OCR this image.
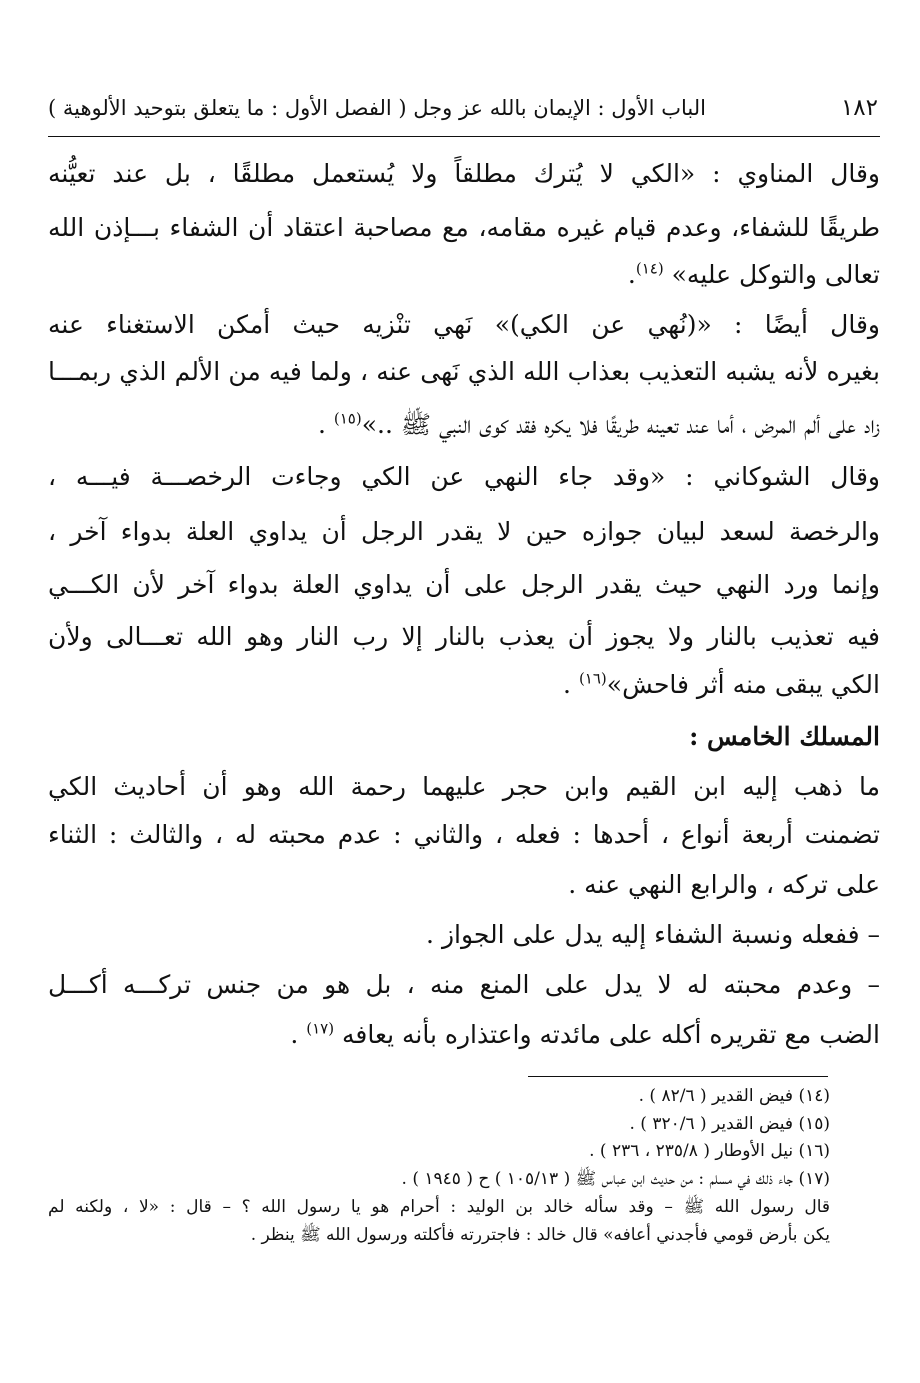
١٨٢
الباب الأول : الإيمان بالله عز وجل ( الفصل الأول : ما يتعلق بتوحيد الألوهية )
وقال المناوي : «الكي لا يُترك مطلقاً ولا يُستعمل مطلقًا ، بل عند تعيُّنه
طريقًا للشفاء، وعدم قيام غيره مقامه، مع مصاحبة اعتقاد أن الشفاء بـــإذن الله
تعالى والتوكل عليه» $^{(١٤)}$.
وقال أيضًا : «(نُهي عن الكي)» نَهي تنْزيه حيث أمكن الاستغناء عنه
بغيره لأنه يشبه التعذيب بعذاب الله الذي نَهى عنه ، ولما فيه من الألم الذي ربمـــا
زاد على ألم المرض ، أما عند تعينه طريقًا فلا يكره فقد كوى النبي ﷺ ..»$^{(١٥)}$ .
وقال الشوكاني : «وقد جاء النهي عن الكي وجاءت الرخصـــة فيـــه ،
والرخصة لسعد لبيان جوازه حين لا يقدر الرجل أن يداوي العلة بدواء آخر ،
وإنما ورد النهي حيث يقدر الرجل على أن يداوي العلة بدواء آخر لأن الكـــي
فيه تعذيب بالنار ولا يجوز أن يعذب بالنار إلا رب النار وهو الله تعـــالى ولأن
الكي يبقى منه أثر فاحش»$^{(١٦)}$ .
المسلك الخامس :
ما ذهب إليه ابن القيم وابن حجر عليهما رحمة الله وهو أن أحاديث الكي
تضمنت أربعة أنواع ، أحدها : فعله ، والثاني : عدم محبته له ، والثالث : الثناء
على تركه ، والرابع النهي عنه .
– ففعله ونسبة الشفاء إليه يدل على الجواز .
– وعدم محبته له لا يدل على المنع منه ، بل هو من جنس تركـــه أكـــل
الضب مع تقريره أكله على مائدته واعتذاره بأنه يعافه $^{(١٧)}$ .
(١٤) فيض القدير ( ٨٢/٦ ) .
(١٥) فيض القدير ( ٣٢٠/٦ ) .
(١٦) نيل الأوطار ( ٢٣٥/٨ ، ٢٣٦ ) .
(١٧) جاء ذلك في مسلم : من حديث ابن عباس ﷺ ( ١٠٥/١٣ ) ح ( ١٩٤٥ ) .
قال رسول الله ﷺ – وقد سأله خالد بن الوليد : أحرام هو يا رسول الله ؟ – قال : «لا ، ولكنه لم
يكن بأرض قومي فأجدني أعافه» قال خالد : فاجتررته فأكلته ورسول الله ﷺ ينظر .
